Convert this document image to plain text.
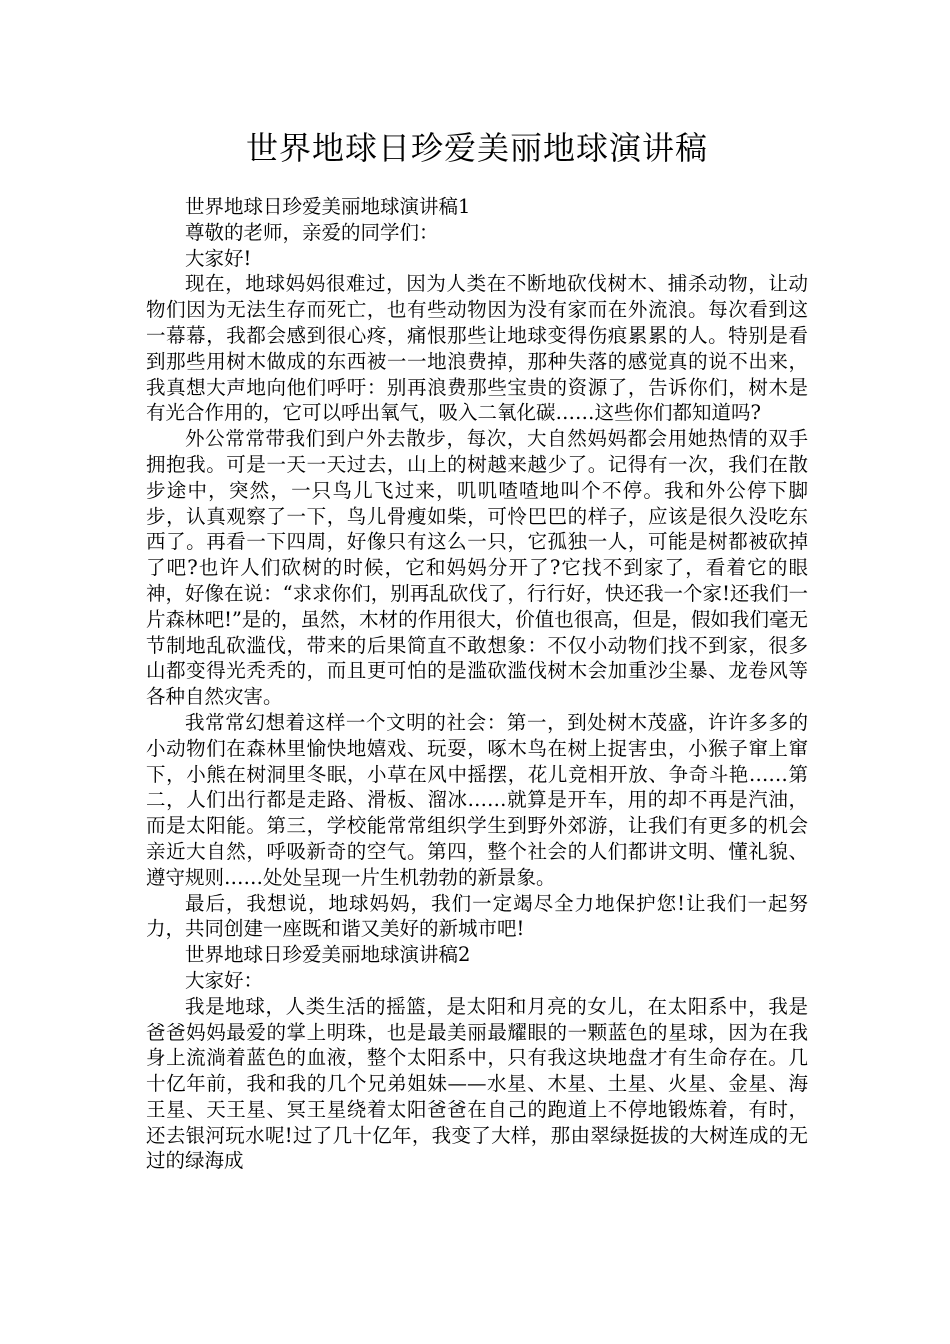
世界地球日珍爱美丽地球演讲稿

世界地球日珍爱美丽地球演讲稿1

尊敬的老师，亲爱的同学们：

大家好!

现在，地球妈妈很难过，因为人类在不断地砍伐树木、捕杀动物，让动物们因为无法生存而死亡，也有些动物因为没有家而在外流浪。每次看到这一幕幕，我都会感到很心疼，痛恨那些让地球变得伤痕累累的人。特别是看到那些用树木做成的东西被一一地浪费掉，那种失落的感觉真的说不出来，我真想大声地向他们呼吁：别再浪费那些宝贵的资源了，告诉你们，树木是有光合作用的，它可以呼出氧气，吸入二氧化碳……这些你们都知道吗?

外公常常带我们到户外去散步，每次，大自然妈妈都会用她热情的双手拥抱我。可是一天一天过去，山上的树越来越少了。记得有一次，我们在散步途中，突然，一只鸟儿飞过来，叽叽喳喳地叫个不停。我和外公停下脚步，认真观察了一下，鸟儿骨瘦如柴，可怜巴巴的样子，应该是很久没吃东西了。再看一下四周，好像只有这么一只，它孤独一人，可能是树都被砍掉了吧?也许人们砍树的时候，它和妈妈分开了?它找不到家了，看着它的眼神，好像在说：“求求你们，别再乱砍伐了，行行好，快还我一个家!还我们一片森林吧!”是的，虽然，木材的作用很大，价值也很高，但是，假如我们毫无节制地乱砍滥伐，带来的后果简直不敢想象：不仅小动物们找不到家，很多山都变得光秃秃的，而且更可怕的是滥砍滥伐树木会加重沙尘暴、龙卷风等各种自然灾害。

我常常幻想着这样一个文明的社会：第一，到处树木茂盛，许许多多的小动物们在森林里愉快地嬉戏、玩耍，啄木鸟在树上捉害虫，小猴子窜上窜下，小熊在树洞里冬眠，小草在风中摇摆，花儿竞相开放、争奇斗艳……第二，人们出行都是走路、滑板、溜冰……就算是开车，用的却不再是汽油，而是太阳能。第三，学校能常常组织学生到野外郊游，让我们有更多的机会亲近大自然，呼吸新奇的空气。第四，整个社会的人们都讲文明、懂礼貌、遵守规则……处处呈现一片生机勃勃的新景象。

最后，我想说，地球妈妈，我们一定竭尽全力地保护您!让我们一起努力，共同创建一座既和谐又美好的新城市吧!

世界地球日珍爱美丽地球演讲稿2

大家好：

我是地球，人类生活的摇篮，是太阳和月亮的女儿，在太阳系中，我是爸爸妈妈最爱的掌上明珠，也是最美丽最耀眼的一颗蓝色的星球，因为在我身上流淌着蓝色的血液，整个太阳系中，只有我这块地盘才有生命存在。几十亿年前，我和我的几个兄弟姐妹——水星、木星、土星、火星、金星、海王星、天王星、冥王星绕着太阳爸爸在自己的跑道上不停地锻炼着，有时，还去银河玩水呢!过了几十亿年，我变了大样，那由翠绿挺拔的大树连成的无过的绿海成
